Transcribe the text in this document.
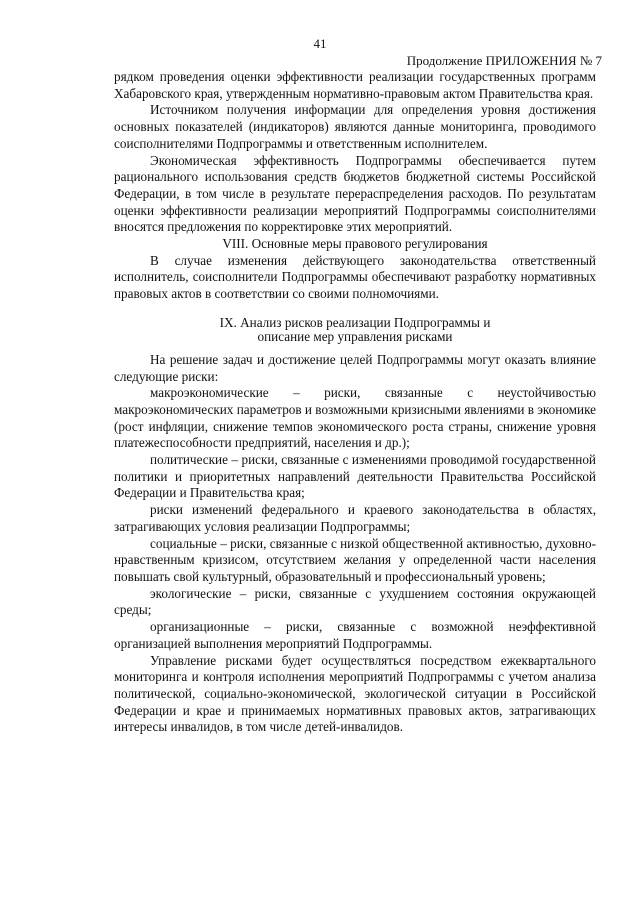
41
Продолжение ПРИЛОЖЕНИЯ № 7

рядком проведения оценки эффективности реализации государственных программ Хабаровского края, утвержденным нормативно-правовым актом Правительства края.

Источником получения информации для определения уровня достижения основных показателей (индикаторов) являются данные мониторинга, проводимого соисполнителями Подпрограммы и ответственным исполнителем.

Экономическая эффективность Подпрограммы обеспечивается путем рационального использования средств бюджетов бюджетной системы Российской Федерации, в том числе в результате перераспределения расходов. По результатам оценки эффективности реализации мероприятий Подпрограммы соисполнителями вносятся предложения по корректировке этих мероприятий.

VIII. Основные меры правового регулирования

В случае изменения действующего законодательства ответственный исполнитель, соисполнители Подпрограммы обеспечивают разработку нормативных правовых актов в соответствии со своими полномочиями.

IX. Анализ рисков реализации Подпрограммы и
описание мер управления рисками

На решение задач и достижение целей Подпрограммы могут оказать влияние следующие риски:

макроэкономические – риски, связанные с неустойчивостью макроэкономических параметров и возможными кризисными явлениями в экономике (рост инфляции, снижение темпов экономического роста страны, снижение уровня платежеспособности предприятий, населения и др.);

политические – риски, связанные с изменениями проводимой государственной политики и приоритетных направлений деятельности Правительства Российской Федерации и Правительства края;

риски изменений федерального и краевого законодательства в областях, затрагивающих условия реализации Подпрограммы;

социальные – риски, связанные с низкой общественной активностью, духовно-нравственным кризисом, отсутствием желания у определенной части населения повышать свой культурный, образовательный и профессиональный уровень;

экологические – риски, связанные с ухудшением состояния окружающей среды;

организационные – риски, связанные с возможной неэффективной организацией выполнения мероприятий Подпрограммы.

Управление рисками будет осуществляться посредством ежеквартального мониторинга и контроля исполнения мероприятий Подпрограммы с учетом анализа политической, социально-экономической, экологической ситуации в Российской Федерации и крае и принимаемых нормативных правовых актов, затрагивающих интересы инвалидов, в том числе детей-инвалидов.
